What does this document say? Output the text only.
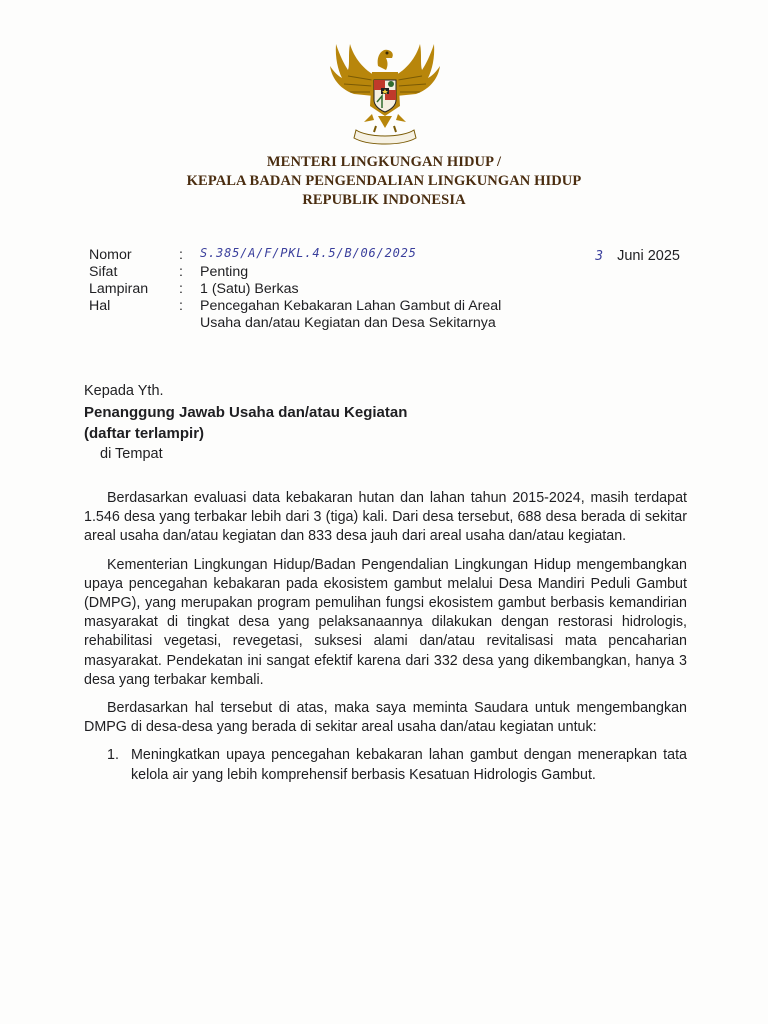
MENTERI LINGKUNGAN HIDUP /
KEPALA BADAN PENGENDALIAN LINGKUNGAN HIDUP
REPUBLIK INDONESIA
Nomor	: S.385/A/F/PKL.4.5/B/06/2025
Sifat	: Penting
Lampiran : 1 (Satu) Berkas
Hal	: Pencegahan Kebakaran Lahan Gambut di Areal Usaha dan/atau Kegiatan dan Desa Sekitarnya
3 Juni 2025
Kepada Yth.
Penanggung Jawab Usaha dan/atau Kegiatan
(daftar terlampir)
di Tempat

Berdasarkan evaluasi data kebakaran hutan dan lahan tahun 2015-2024, masih terdapat 1.546 desa yang terbakar lebih dari 3 (tiga) kali. Dari desa tersebut, 688 desa berada di sekitar areal usaha dan/atau kegiatan dan 833 desa jauh dari areal usaha dan/atau kegiatan.

Kementerian Lingkungan Hidup/Badan Pengendalian Lingkungan Hidup mengembangkan upaya pencegahan kebakaran pada ekosistem gambut melalui Desa Mandiri Peduli Gambut (DMPG), yang merupakan program pemulihan fungsi ekosistem gambut berbasis kemandirian masyarakat di tingkat desa yang pelaksanaannya dilakukan dengan restorasi hidrologis, rehabilitasi vegetasi, revegetasi, suksesi alami dan/atau revitalisasi mata pencaharian masyarakat. Pendekatan ini sangat efektif karena dari 332 desa yang dikembangkan, hanya 3 desa yang terbakar kembali.

Berdasarkan hal tersebut di atas, maka saya meminta Saudara untuk mengembangkan DMPG di desa-desa yang berada di sekitar areal usaha dan/atau kegiatan untuk:

1. Meningkatkan upaya pencegahan kebakaran lahan gambut dengan menerapkan tata kelola air yang lebih komprehensif berbasis Kesatuan Hidrologis Gambut.
